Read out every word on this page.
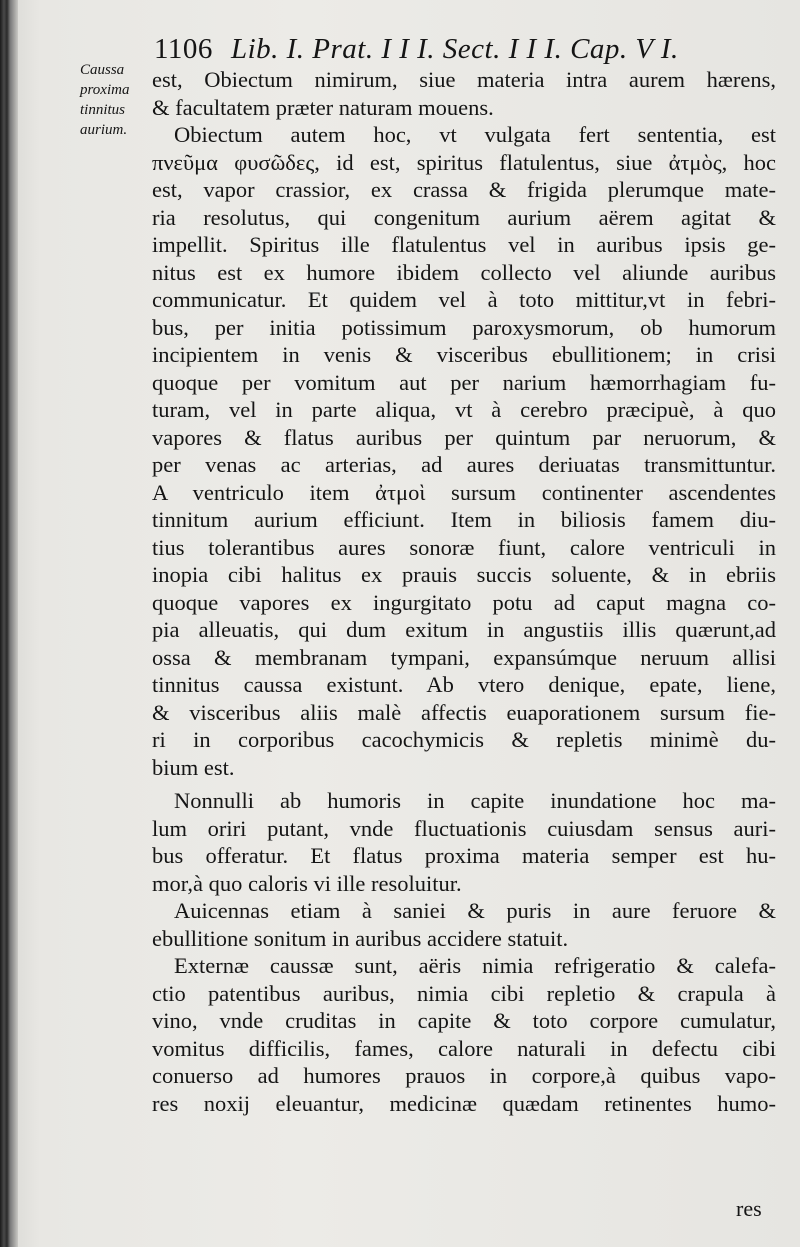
1106 Lib. I. Prat. I I I. Sect. I I I. Cap. V I.
Caussa
proxima
tinnitus
aurium.
est, Obiectum nimirum, siue materia intra aurem hærens,
& facultatem præter naturam mouens.
Obiectum autem hoc, vt vulgata fert sententia, est
πνεῦμα φυσῶδες, id est, spiritus flatulentus, siue ἀτμὸς, hoc
est, vapor crassior, ex crassa & frigida plerumque mate-
ria resolutus, qui congenitum aurium aërem agitat &
impellit. Spiritus ille flatulentus vel in auribus ipsis ge-
nitus est ex humore ibidem collecto vel aliunde auribus
communicatur. Et quidem vel à toto mittitur,vt in febri-
bus, per initia potissimum paroxysmorum, ob humorum
incipientem in venis & visceribus ebullitionem; in crisi
quoque per vomitum aut per narium hæmorrhagiam fu-
turam, vel in parte aliqua, vt à cerebro præcipuè, à quo
vapores & flatus auribus per quintum par neruorum, &
per venas ac arterias, ad aures deriuatas transmittuntur.
A ventriculo item ἀτμοὶ sursum continenter ascendentes
tinnitum aurium efficiunt. Item in biliosis famem diu-
tius tolerantibus aures sonoræ fiunt, calore ventriculi in
inopia cibi halitus ex prauis succis soluente, & in ebriis
quoque vapores ex ingurgitato potu ad caput magna co-
pia alleuatis, qui dum exitum in angustiis illis quærunt,ad
ossa & membranam tympani, expansúmque neruum allisi
tinnitus caussa existunt. Ab vtero denique, epate, liene,
& visceribus aliis malè affectis euaporationem sursum fie-
ri in corporibus cacochymicis & repletis minimè du-
bium est.
Nonnulli ab humoris in capite inundatione hoc ma-
lum oriri putant, vnde fluctuationis cuiusdam sensus auri-
bus offeratur. Et flatus proxima materia semper est hu-
mor,à quo caloris vi ille resoluitur.
Auicennas etiam à saniei & puris in aure feruore &
ebullitione sonitum in auribus accidere statuit.
Externæ caussæ sunt, aëris nimia refrigeratio & calefa-
ctio patentibus auribus, nimia cibi repletio & crapula à
vino, vnde cruditas in capite & toto corpore cumulatur,
vomitus difficilis, fames, calore naturali in defectu cibi
conuerso ad humores prauos in corpore,à quibus vapo-
res noxij eleuantur, medicinæ quædam retinentes humo-
res
